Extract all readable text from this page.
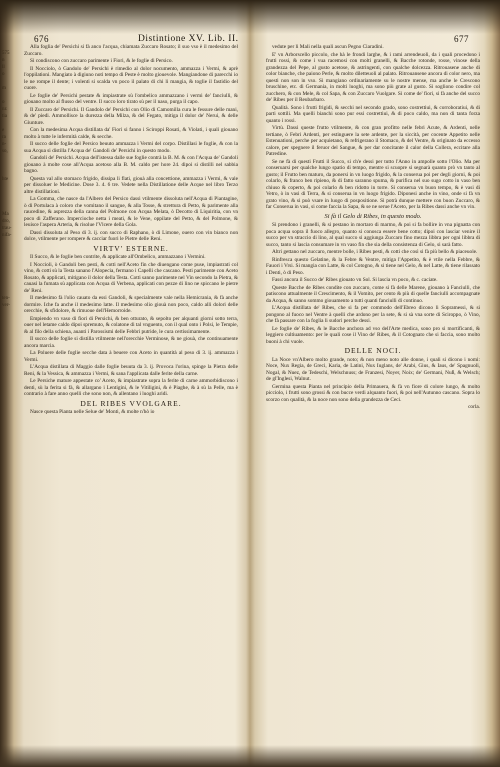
575
n
ll
o
m
o
nz
tia
e
ra
n-
so,
hte
Ma
dro,
trau-
nifa-
ten-
ver-
676	Distintione XV. Lib. II.	677

Alla foglia de' Persichi si fà anco l'acqua, chiamata Zuccaro Rosato; il suo vso è il medesimo del Zuccaro.

Si condiscono con zuccaro parimente i Fiori, & le foglie di Persico.

Il Nocciolo, ò Gandolo de' Persichi è rimedio al dolor nocumento, ammazza i Vermi, & aprè l'oppilationi. Mangiato à digiuno noti tempo di Peste è molto giouevole. Mangiandone di parecchi io le ne rompe il dente; i volenti si scalda vn poco il palato di chi li mangia, & toglie il fastidio del cuore.

Le foglie de' Persichi pestate & impiastrate sù l'ombelico ammazzano i vermi de' fanciulli, & giouano molto al flusso del ventre. Il succo loro tirato sù per il naso, purga il capo.

Il Zuccaro de' Persichi. Il Gandolo de' Persichi con Olio di Camomilla cura le fessure delle mani, & de' piedi. Ammollisce la durezza della Milza, & del Fegato, mitiga il dolor de' Nerui, & delle Giunture.

Con la medesima Acqua distillata da' Fiori si fanno i Sciroppi Rosati, & Violati, i quali giouano molto à tutte le infermità calde, & secche.

Il succo delle foglie del Persico beuuto ammazza i Vermi del corpo. Distillasi le foglie, & con la sua Acqua si distilla l'Acqua de' Gandoli de' Persichi in questo modo.

Gandoli de' Persichi. Acqua dell'istessa dalle sue foglie contrà la B. M. & con l'Acqua de' Gandoli giouano à molte cose all'Acqua acetoso alla B. M. caldo per hore 24. dipoi si distilli nel sabbia bagno.

Questa val allo stomaco frigido, dissipa li flati, giouà alla concettione, ammazza i Vermi, & vale per dissoluer le Medicine. Dose 3. 4. 6 tre. Vedete nella Distillatione delle Acque nel libro Terzo altre distillationi.

La Gomma, che nasce da l'Albero del Persico dassi vtilmente dissoluta nell'Acqua di Piantagine, ò di Portulaca à coloro che vomitano il sangue, & alla Tosse, & strettura di Petto, & parimente alla raucedine, & asprezza della canna del Polmone con Acqua Melata, ò Decotto di Liquiritia, con vn poco di Zafferano. Impercioche netta i meati, & le Vene, oppilate del Petto, & del Polmone, & leuisce l'aspera Arteria, & risolue l'Vlcere della Gola.

Dassi dissoluta al Peso di 3. ij. con succo di Raphano, ò di Limone, ouero con vin bianco non dolce, vtilmente per rompere & cacciar fuori le Pietre delle Reni.

VIRTV' ESTERNE.

Il Succo, & le foglie ben contrite, & applicate all'Ombelico, ammazzano i Vermini.

I Noccioli, ò Gandoli ben pesti, & cotti nell'Aceto fin che diuengano come puse, impiastrati col vino, & cotti sù la Testa sanano l'Alopecia, fermano i Capelli che cascano. Pesti parimente con Aceto Rosato, & applicati, mitigano il dolor della Testa. Cotti sanno parimente nel Vin secondo la Pietra, & cauasi la fumata sù applicata con Acqua di Verbena, applicati con pezze di lino ne spiccano le pietre de' Reni.

Il medesimo fà l'olio cauato da essi Gandoli, & specialmente vale nella Hemicrania, & fà anche dormire. Iche fa anche il medesimo latte. Il medesimo olio giouà non poco, caldo alli dolori delle orecchie, & sfidolore, & rimuoue dell'Hemorroide.

Empiendo vn vaso di fiori di Persichi, & ben otturato, & sepolto per alquanti giorni sotto terra, ouer nel letame caldo dipoi spremuto, & colatone di tal vnguento, con il qual onto i Polsi, le Tempie, & al filo della schiena, auanti i Parossismi delle Febbri putride, le cura certissimamente.

Il succo delle foglie si distilla vtilmente nell'orecchie Verminose, & ne giouà, che continuamente ancora marcia.

La Poluere delle foglie secche data à beuere con Aceto in quantità al peso di 3. ij. ammazza i Vermi.

L'Acqua distillata di Maggio dalle foglie beuuta da 3. ij. Provoca l'orina, spinge la Pietra delle Reni, & la Vessica, & ammazza i Vermi, & sana l'applicata dalle ferite della carne.

Le Persiche mature appestate co' Aceto, & impiastrate sopra la ferite di carne ammorbidiscono i denti, sù la ferita si fà, & allargano i Lentigini, & le Vitiligini, & è Piaghe, & à sù la Pelle, ma è contrario à fare anno quelli che sono non, & allentano i luoghi aridi.

DEL RIBES VVOLGARE.

Nasce questa Pianta nelle Selue de' Monti, & molte n'hò io

vedute per li Mali nella quali ascun Pegno Ciaradini.

E' vn Arborscello piccolo, che hà le frondi larghe, & i rami arrendeuoli, da i quali procedono i frutti rossi, & come i vua racemosi con molti granelli, & Bacche rotonde, rosse, vinose della grandezza del Pepe, al gusto acetose, & astringenti, con qualche dolcezza. Ritrouasene anche di color bianche, che paiono Perle, & molto diletteuoli al palato. Ritrouansene ancora di color nero, ma questi non son in vso. Si mangiano ordinariamente su le nostre mense, ma anche le Crescono bruschine, etc. di Germania, in molti luoghi, ma sono più grate al gusto. Si sogliono condire col zucchero, & con Mele, & col Sapa, & con Zuccaro Vuolgare. Si come de' fiori, si fà anche del succo de' Ribes per il Reubarbaro.

Qualità. Sono i frutti frigidi, & secchi nel secondo grado, sono costrettiui, & corroboratiui, & di parti sottili. Ma quelli bianchi sono pur essi costrettiui, & di poco caldo, ma non di tanta forza quanto i rossi.

Virtù. Dassi queste frutto vtilmente, & con gran profitto nelle febri Acute, & Ardenti, nelle tertiane, ò Febri Ardenti, per estinguere la sete ardente, per la siccità, per cocente Appetito nelle Estenuationi, perche per acquietano, & refrigerano il Stomaco, & del Ventre, & originato da eccesso calore, per spegnere il feruor del Sangue, & per dar concitante il calor della Collera, eccitare alla Patredine.

Se ne fà di questi Frutti il Succo, si ch'e dessi per tutto l'Anno in ampolle sotto l'Olio. Ma per conseruarsi per qualche lungo spatio di tempo, mentre si scuopre si segnarà quanto prò vn tanto al gusto; il Frutto ben maturo, da ponersi in vn luogo frigido, & la conserua poi per degli giorni, & poi colarlo, & franco ben ripieno, & di fatto saranno spuma, & purifica nel suo sugo cotto in vaso ben chiuso & coperto, & poi colarlo & ben ridotto in torre. Si conserua vn buon tempo, & è vasi di Vetro, ò in vasi di Terra, & si conserua in vn luogo frigido. Diponesi anche in vino, onde si fà vn grato vino, & si può vsare in luogo di pospositione. Si potrà dunque mettere con buon Zuccaro, & far Conserua in vasi, si come faccia la Sapa, & se ne serue l'Aceto, per la Ribes dassi anche vn vin.

Si fà il Gelo di Ribes, in questo modo.

Si prendono i granelli, & si pestano in mortaro di marmo, & poi si fa bollire in vna pignatta con poca acqua sopra il fuoco allegro, quanto si conosca essere bene cotto; dipoi con lasciar venire il succo per vn straccio di lino, al qual succo si aggiunga Zuccaro fino mezza libbra per ogni libbra di succo, tanto si lascia consumare in vn vaso fin che sia della consistenza di Gelo, si sarà fatto.

Altri gettano nel zuccaro, mentre bolle, i Ribes pesti, & cotti che così si fà più bello & piaceuole.

Rinfresca questo Gelatine, & la Febre & Ventre, mitiga l'Appetito, & è vtile nella Febbre, & Fauori i Vrsi. Si mangia con Latte, & col Cotogno, & si tiene nel Gelo, & nel Latte, & tiene rilassato i Denti, ò di Peso.

Fassi ancora il Succo de' Ribes giouato vn Sol. Si lascia vn poco, & c. caciate.

Queste Bacche de Ribes condite con zuccaro, come si fà delle Marene, giouano à Fanciulli, che patiscono attualmente il Crescimento, & il Vomito, per cento & più di quelle fanciulli accompagnate da Acqua, & sanno sommo giouamento a tutti quanti fanciulli di continuo.

L'Acqua distillata de' Ribes, che si fa per commodo dell'Ebreo dicono li Sopramessi, & si pongono al fuoco nel Ventre à quelli che ardono per la sete, & si sà vna sorte di Sciroppo, ò Vino, che fà passare con la foglia li sudori perche dessi.

Le foglie de' Ribes, & le Bacche anchora ad vso dell'Arte medica, sono pro si mortificanti, & leggiero cultiuamento: per le quali cose il Vino de' Ribes, & il Cotognato che si faccia, sono molto buoni à chi vuole.

DELLE NOCI.

La Noce vn'Albero molto grande, noto; & non meno noto alle donne, i quali si dicono i nomi: Noce, Nux Regia, de Greci, Karia, de Latini, Nux Iuglans, de' Arabi, Gius, & Iaus, de' Spagnuoli, Nogal, & Nuez, de Tedeschi, Welschnuss; de Franzesi, Noyer, Noix; de' Germani, Nuß, & Welsch; de gl'Inglesi, Walnut.

Germina questa Pianta nel principio della Primauera, & fà vn fiore di colore lungo, & molto picciolo, i frutti sono grossi & con bucce verdi alquanto fuori, & poi nell'Autunno cascano. Sopra lo scorzo con qualità, & la noce non sono della grandezza de Ceci.

corla.
